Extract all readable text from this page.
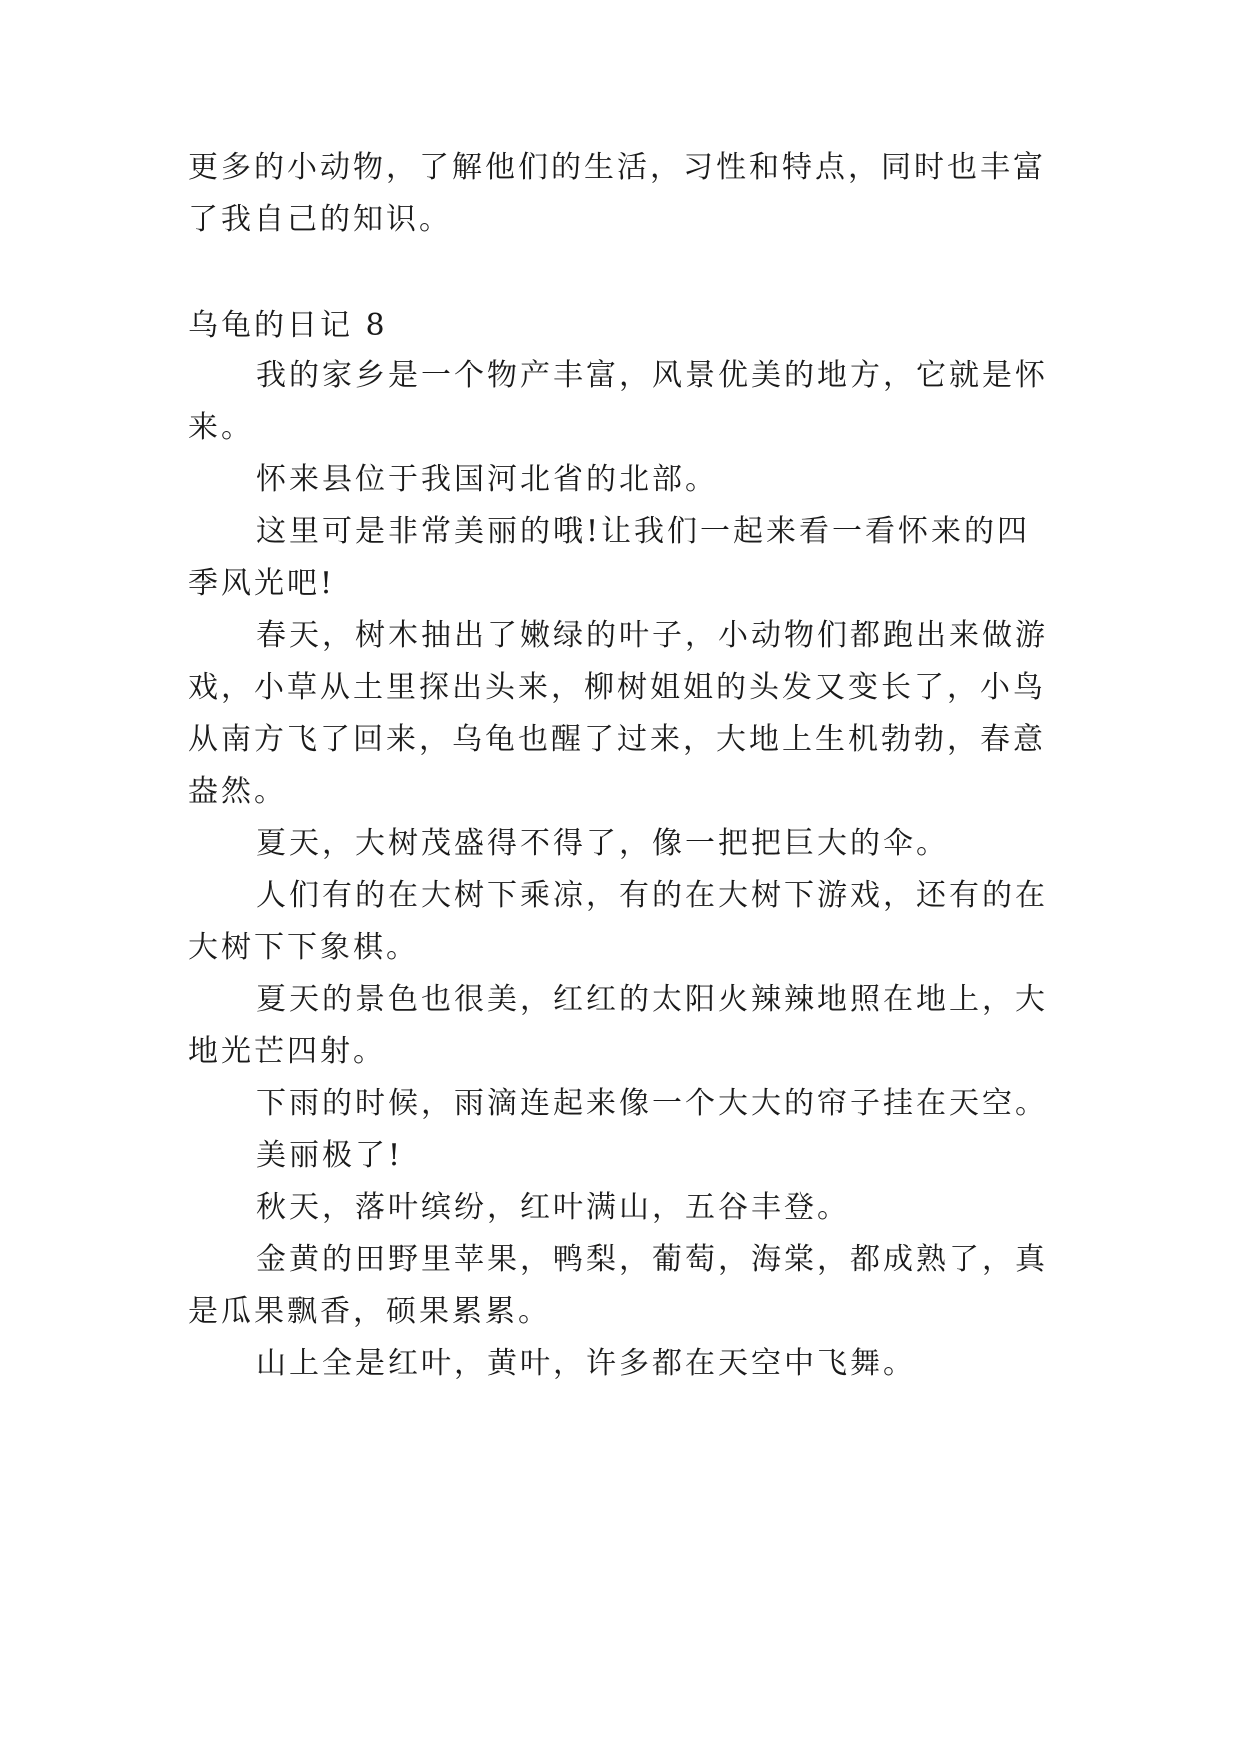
更多的小动物，了解他们的生活，习性和特点，同时也丰富
了我自己的知识。
乌龟的日记 8
我的家乡是一个物产丰富，风景优美的地方，它就是怀
来。
怀来县位于我国河北省的北部。
这里可是非常美丽的哦!让我们一起来看一看怀来的四
季风光吧!
春天，树木抽出了嫩绿的叶子，小动物们都跑出来做游
戏，小草从土里探出头来，柳树姐姐的头发又变长了，小鸟
从南方飞了回来，乌龟也醒了过来，大地上生机勃勃，春意
盎然。
夏天，大树茂盛得不得了，像一把把巨大的伞。
人们有的在大树下乘凉，有的在大树下游戏，还有的在
大树下下象棋。
夏天的景色也很美，红红的太阳火辣辣地照在地上，大
地光芒四射。
下雨的时候，雨滴连起来像一个大大的帘子挂在天空。
美丽极了!
秋天，落叶缤纷，红叶满山，五谷丰登。
金黄的田野里苹果，鸭梨，葡萄，海棠，都成熟了，真
是瓜果飘香，硕果累累。
山上全是红叶，黄叶，许多都在天空中飞舞。
